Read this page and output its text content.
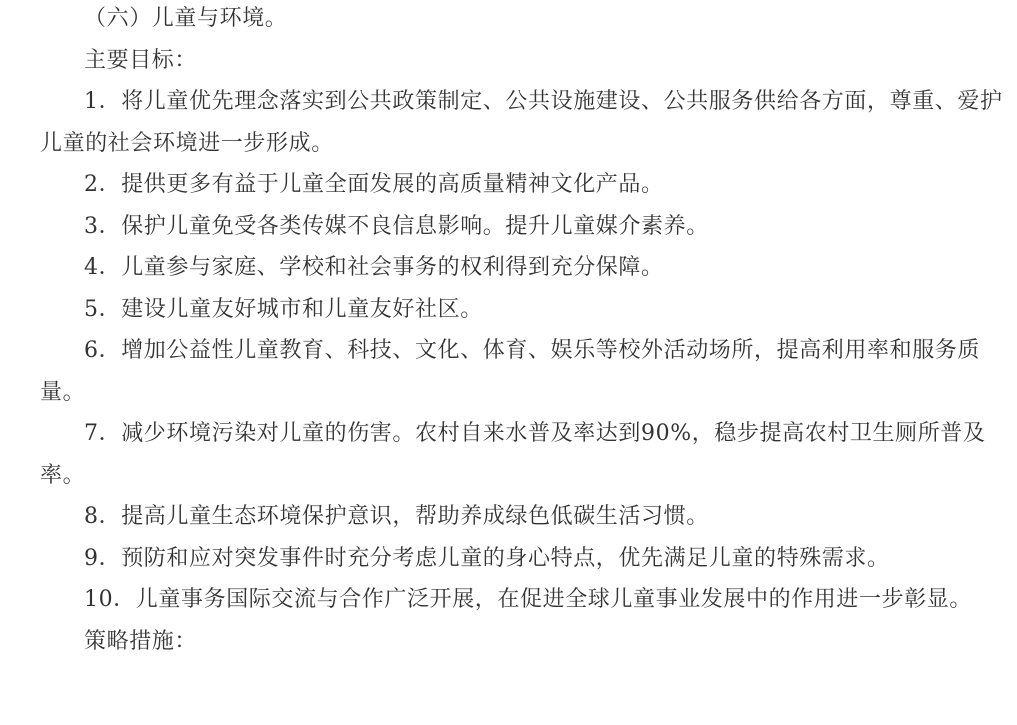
（六）儿童与环境。

主要目标：

1．将儿童优先理念落实到公共政策制定、公共设施建设、公共服务供给各方面，尊重、爱护儿童的社会环境进一步形成。

2．提供更多有益于儿童全面发展的高质量精神文化产品。

3．保护儿童免受各类传媒不良信息影响。提升儿童媒介素养。

4．儿童参与家庭、学校和社会事务的权利得到充分保障。

5．建设儿童友好城市和儿童友好社区。

6．增加公益性儿童教育、科技、文化、体育、娱乐等校外活动场所，提高利用率和服务质量。

7．减少环境污染对儿童的伤害。农村自来水普及率达到90%，稳步提高农村卫生厕所普及率。

8．提高儿童生态环境保护意识，帮助养成绿色低碳生活习惯。

9．预防和应对突发事件时充分考虑儿童的身心特点，优先满足儿童的特殊需求。

10．儿童事务国际交流与合作广泛开展，在促进全球儿童事业发展中的作用进一步彰显。

策略措施：
